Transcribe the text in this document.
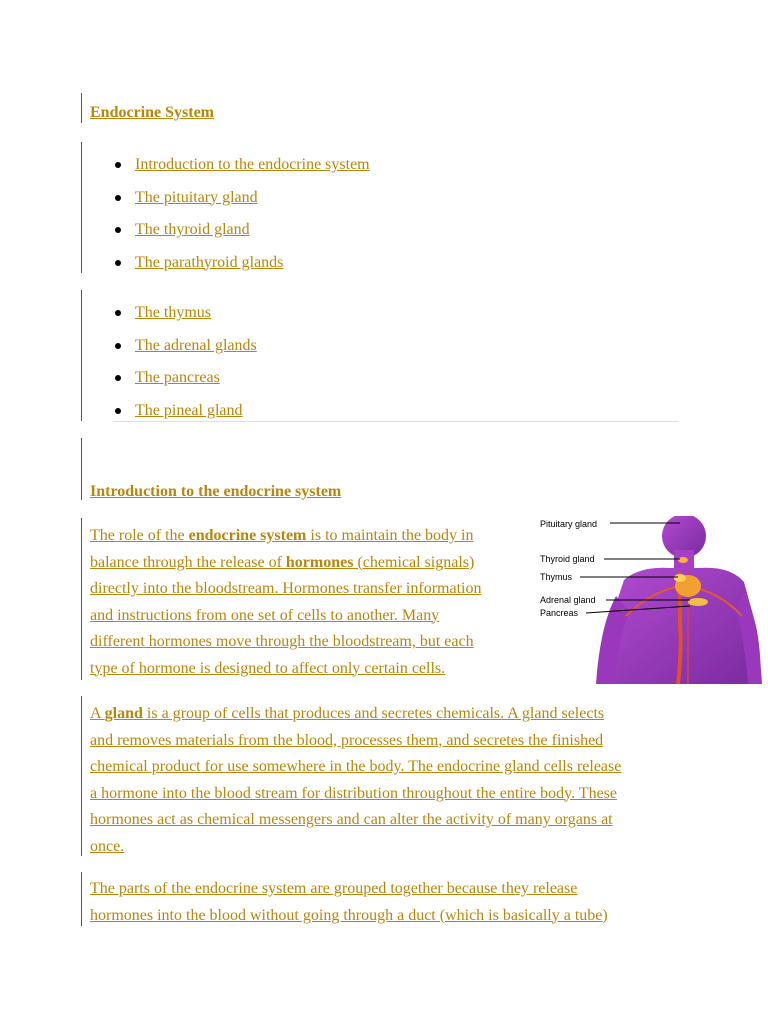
Endocrine System
Introduction to the endocrine system
The pituitary gland
The thyroid gland
The parathyroid glands
The thymus
The adrenal glands
The pancreas
The pineal gland
Introduction to the endocrine system
The role of the endocrine system is to maintain the body in
balance through the release of hormones (chemical signals)
directly into the bloodstream. Hormones transfer information
and instructions from one set of cells to another. Many
different hormones move through the bloodstream, but each
type of hormone is designed to affect only certain cells.
Pituitary gland
Thyroid gland
Thymus
Adrenal gland
Pancreas
A gland is a group of cells that produces and secretes chemicals. A gland selects
and removes materials from the blood, processes them, and secretes the finished
chemical product for use somewhere in the body. The endocrine gland cells release
a hormone into the blood stream for distribution throughout the entire body. These
hormones act as chemical messengers and can alter the activity of many organs at
once.
The parts of the endocrine system are grouped together because they release
hormones into the blood without going through a duct (which is basically a tube)
